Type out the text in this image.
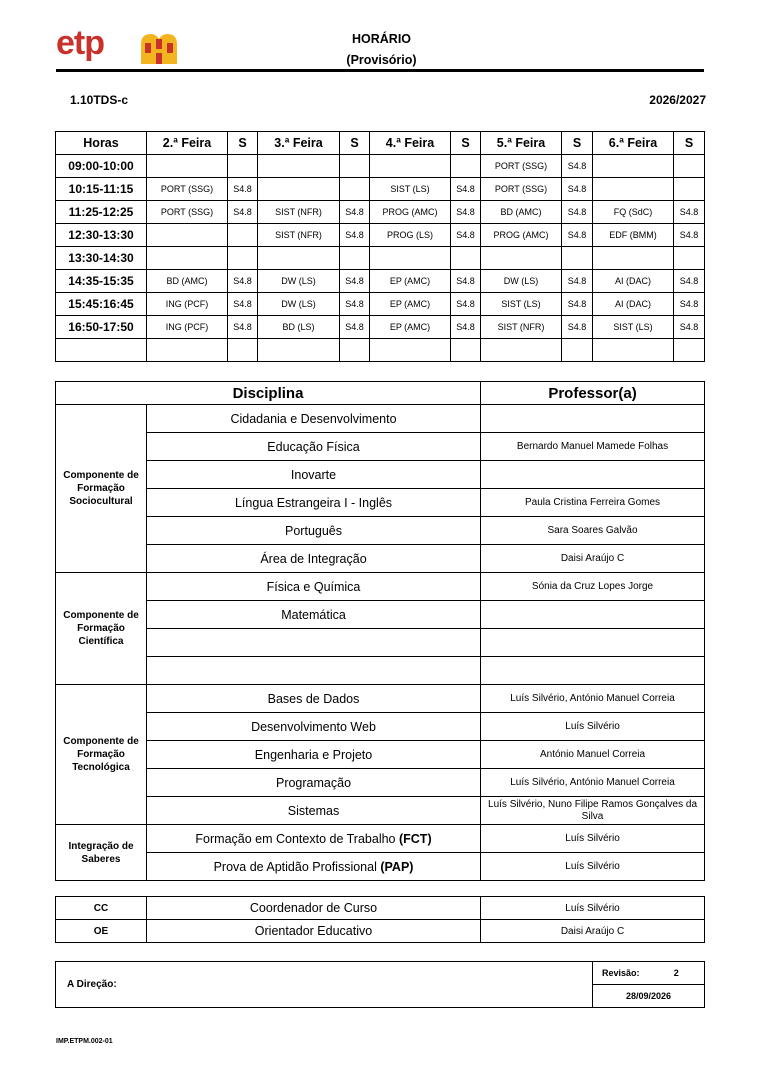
etp	HORÁRIO
(Provisório)
1.10TDS-c	2026/2027
Horas	2.ª Feira	S	3.ª Feira	S	4.ª Feira	S	5.ª Feira	S	6.ª Feira	S
09:00-10:00							PORT (SSG)	S4.8		
10:15-11:15	PORT (SSG)	S4.8			SIST (LS)	S4.8	PORT (SSG)	S4.8		
11:25-12:25	PORT (SSG)	S4.8	SIST (NFR)	S4.8	PROG (AMC)	S4.8	BD (AMC)	S4.8	FQ (SdC)	S4.8
12:30-13:30			SIST (NFR)	S4.8	PROG (LS)	S4.8	PROG (AMC)	S4.8	EDF (BMM)	S4.8
13:30-14:30										
14:35-15:35	BD (AMC)	S4.8	DW (LS)	S4.8	EP (AMC)	S4.8	DW (LS)	S4.8	AI (DAC)	S4.8
15:45:16:45	ING (PCF)	S4.8	DW (LS)	S4.8	EP (AMC)	S4.8	SIST (LS)	S4.8	AI (DAC)	S4.8
16:50-17:50	ING (PCF)	S4.8	BD (LS)	S4.8	EP (AMC)	S4.8	SIST (NFR)	S4.8	SIST (LS)	S4.8

Disciplina		Professor(a)
Componente de Formação Sociocultural	Cidadania e Desenvolvimento	
	Educação Física	Bernardo Manuel Mamede Folhas
	Inovarte	
	Língua Estrangeira I - Inglês	Paula Cristina Ferreira Gomes
	Português	Sara Soares Galvão
	Área de Integração	Daisi Araújo C
Componente de Formação Científica	Física e Química	Sónia da Cruz Lopes Jorge
	Matemática	

Componente de Formação Tecnológica	Bases de Dados	Luís Silvério, António Manuel Correia
	Desenvolvimento Web	Luís Silvério
	Engenharia e Projeto	António Manuel Correia
	Programação	Luís Silvério, António Manuel Correia
	Sistemas	Luís Silvério, Nuno Filipe Ramos Gonçalves da Silva
Integração de Saberes	Formação em Contexto de Trabalho (FCT)	Luís Silvério
	Prova de Aptidão Profissional (PAP)	Luís Silvério
CC	Coordenador de Curso	Luís Silvério
OE	Orientador Educativo	Daisi Araújo C
A Direção:	Revisão:	2
28/09/2026
IMP.ETPM.002-01
